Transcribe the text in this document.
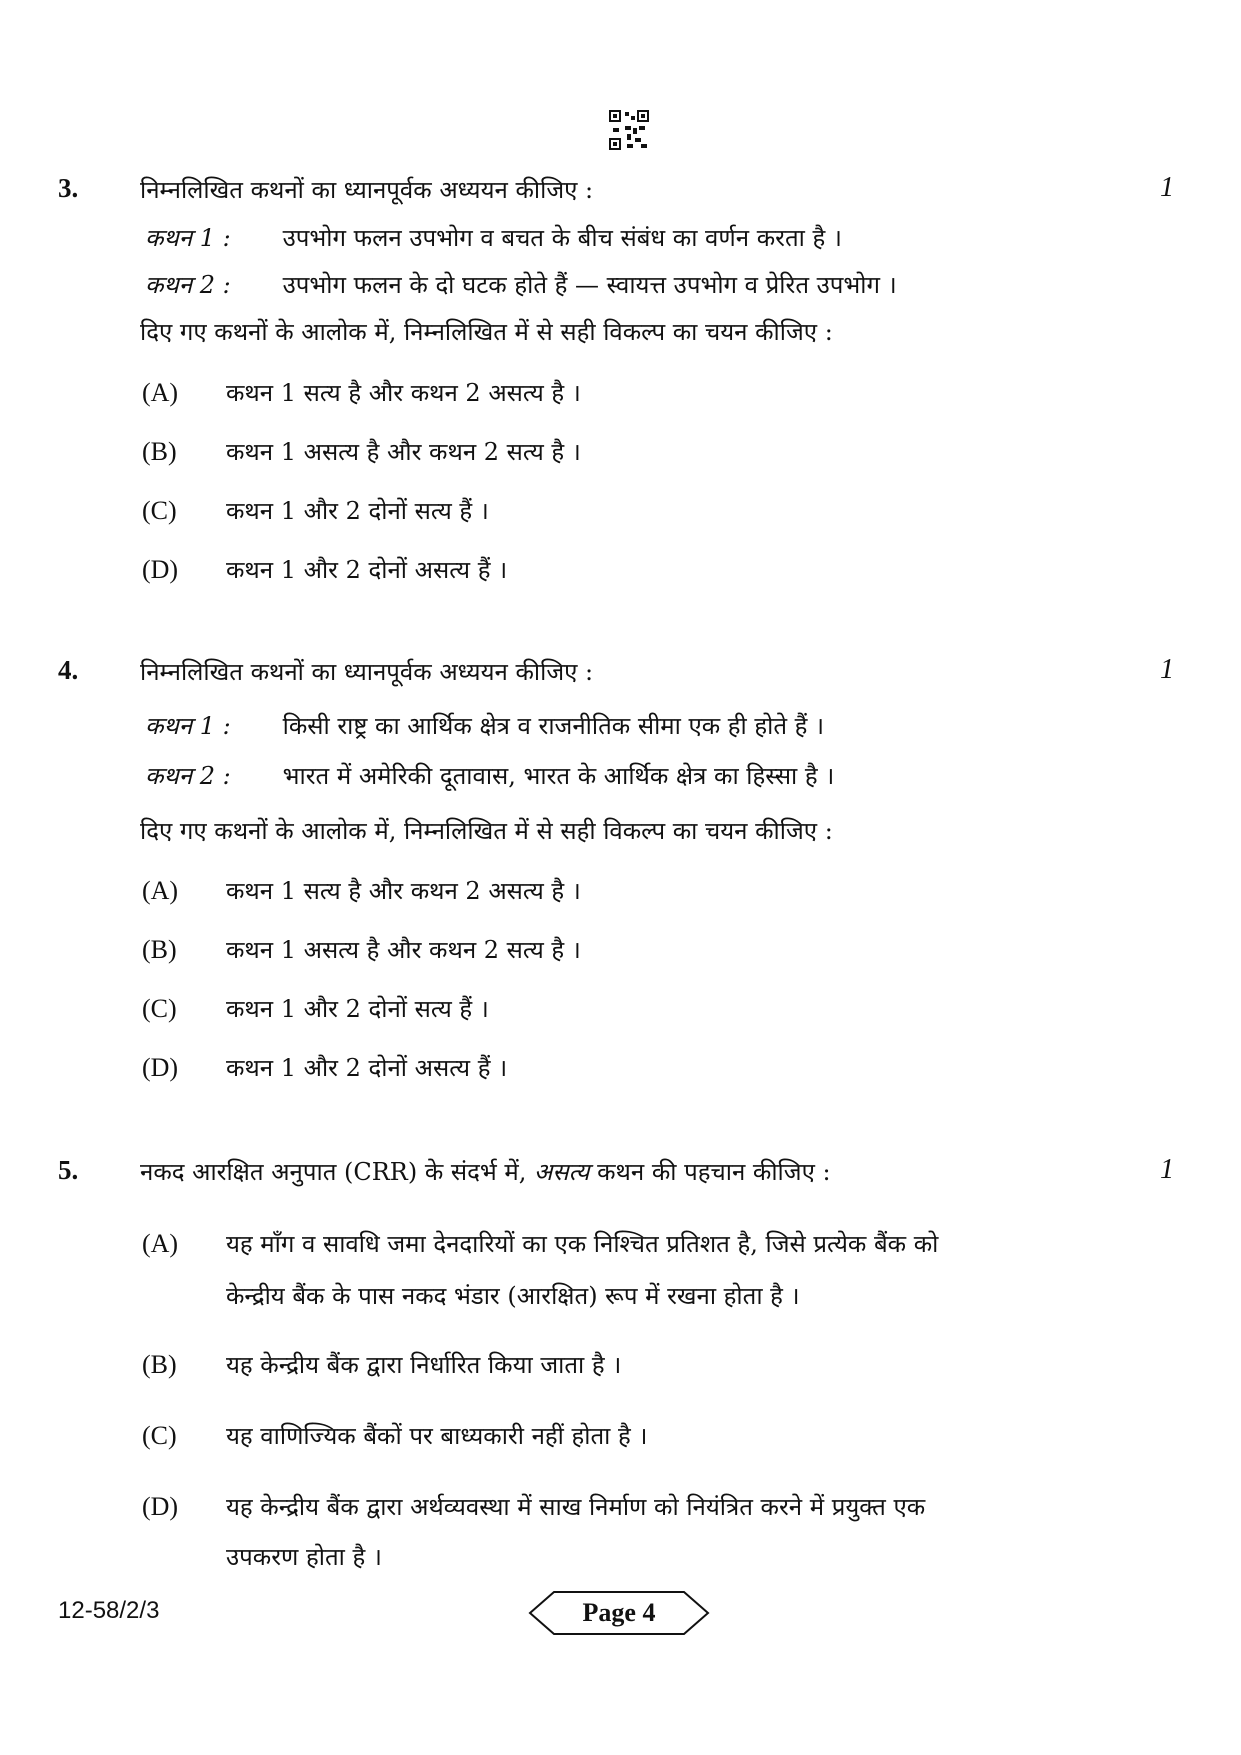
3.	निम्नलिखित कथनों का ध्यानपूर्वक अध्ययन कीजिए :	1
कथन 1 : उपभोग फलन उपभोग व बचत के बीच संबंध का वर्णन करता है ।
कथन 2 : उपभोग फलन के दो घटक होते हैं — स्वायत्त उपभोग व प्रेरित उपभोग ।
दिए गए कथनों के आलोक में, निम्नलिखित में से सही विकल्प का चयन कीजिए :
(A) कथन 1 सत्य है और कथन 2 असत्य है ।
(B) कथन 1 असत्य है और कथन 2 सत्य है ।
(C) कथन 1 और 2 दोनों सत्य हैं ।
(D) कथन 1 और 2 दोनों असत्य हैं ।
4.	निम्नलिखित कथनों का ध्यानपूर्वक अध्ययन कीजिए :	1
कथन 1 : किसी राष्ट्र का आर्थिक क्षेत्र व राजनीतिक सीमा एक ही होते हैं ।
कथन 2 : भारत में अमेरिकी दूतावास, भारत के आर्थिक क्षेत्र का हिस्सा है ।
दिए गए कथनों के आलोक में, निम्नलिखित में से सही विकल्प का चयन कीजिए :
(A) कथन 1 सत्य है और कथन 2 असत्य है ।
(B) कथन 1 असत्य है और कथन 2 सत्य है ।
(C) कथन 1 और 2 दोनों सत्य हैं ।
(D) कथन 1 और 2 दोनों असत्य हैं ।
5.	नकद आरक्षित अनुपात (CRR) के संदर्भ में, असत्य कथन की पहचान कीजिए :	1
(A) यह माँग व सावधि जमा देनदारियों का एक निश्चित प्रतिशत है, जिसे प्रत्येक बैंक को
केन्द्रीय बैंक के पास नकद भंडार (आरक्षित) रूप में रखना होता है ।
(B) यह केन्द्रीय बैंक द्वारा निर्धारित किया जाता है ।
(C) यह वाणिज्यिक बैंकों पर बाध्यकारी नहीं होता है ।
(D) यह केन्द्रीय बैंक द्वारा अर्थव्यवस्था में साख निर्माण को नियंत्रित करने में प्रयुक्त एक
उपकरण होता है ।
12-58/2/3	Page 4
